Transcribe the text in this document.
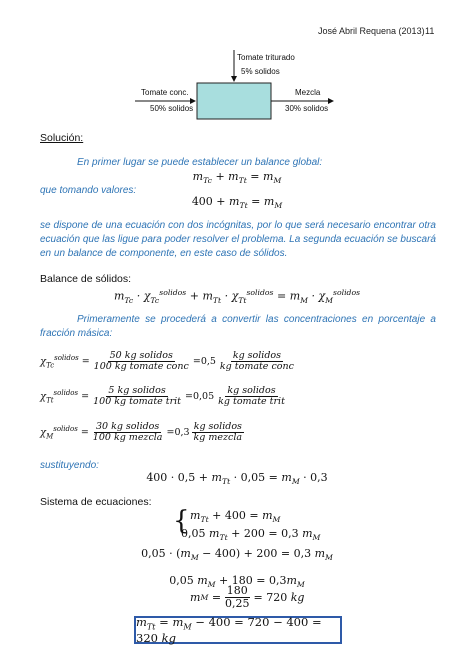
José Abril Requena (2013) 11
Tomate triturado
5% solidos
Tomate conc.
50% solidos
Mezcla
30% solidos
Solución:
En primer lugar se puede establecer un balance global:
$m_{Tc} + m_{Tt} = m_M$
que tomando valores:
$400 + m_{Tt} = m_M$
se dispone de una ecuación con dos incógnitas, por lo que será necesario encontrar otra ecuación que las ligue para poder resolver el problema. La segunda ecuación se buscará en un balance de componente, en este caso de sólidos.
Balance de sólidos:
$m_{Tc} \cdot \chi_{Tc}^{solidos} + m_{Tt} \cdot \chi_{Tt}^{solidos} = m_M \cdot \chi_M^{solidos}$
Primeramente se procederá a convertir las concentraciones en porcentaje a fracción másica:
$\chi_{Tc}^{solidos}$ =
50 kg solidos
100 kg tomate conc = 0,5
kg solidos
kg tomate conc
$\chi_{Tt}^{solidos}$ =
5 kg solidos
100 kg tomate trit = 0,05
kg solidos
kg tomate trit
$\chi_M^{solidos}$ =
30 kg solidos
100 kg mezcla = 0,3
kg solidos
kg mezcla
sustituyendo:
$400 \cdot 0,5 + m_{Tt} \cdot 0,05 = m_M \cdot 0,3$
Sistema de ecuaciones:
{ $m_{Tt} + 400 = m_M$
0,05 $m_{Tt} + 200 = 0,3$ $m_M$
$0,05 \cdot (m_M - 400) + 200 = 0,3$ $m_M$
0,05 $m_M + 180 = 0,3m_M$
m M
= $\frac{180}{0,25} = 720$ kg
$m_{Tt} = m_M - 400 = 720 - 400 = 320$ kg
